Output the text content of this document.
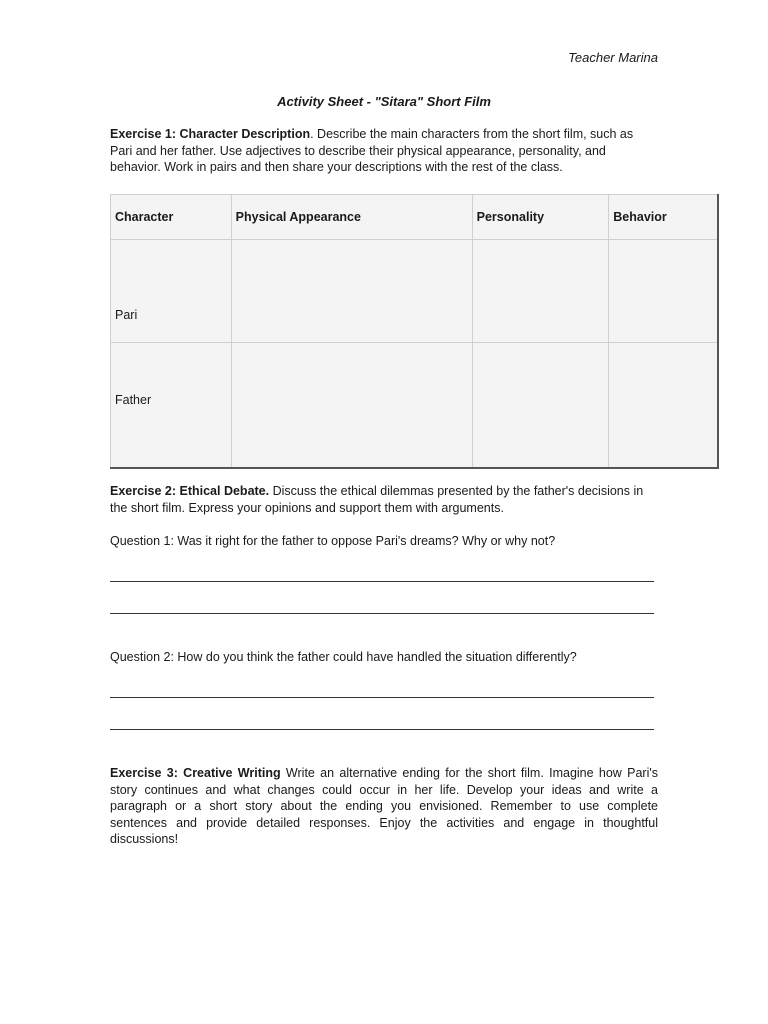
Teacher Marina
Activity Sheet - "Sitara" Short Film

Exercise 1: Character Description. Describe the main characters from the short film, such as Pari and her father. Use adjectives to describe their physical appearance, personality, and behavior. Work in pairs and then share your descriptions with the rest of the class.

Character	Physical Appearance	Personality	Behavior
Pari			
Father			

Exercise 2: Ethical Debate. Discuss the ethical dilemmas presented by the father's decisions in the short film. Express your opinions and support them with arguments.

Question 1: Was it right for the father to oppose Pari's dreams? Why or why not?

Question 2: How do you think the father could have handled the situation differently?

Exercise 3: Creative Writing Write an alternative ending for the short film. Imagine how Pari's story continues and what changes could occur in her life. Develop your ideas and write a paragraph or a short story about the ending you envisioned. Remember to use complete sentences and provide detailed responses. Enjoy the activities and engage in thoughtful discussions!
